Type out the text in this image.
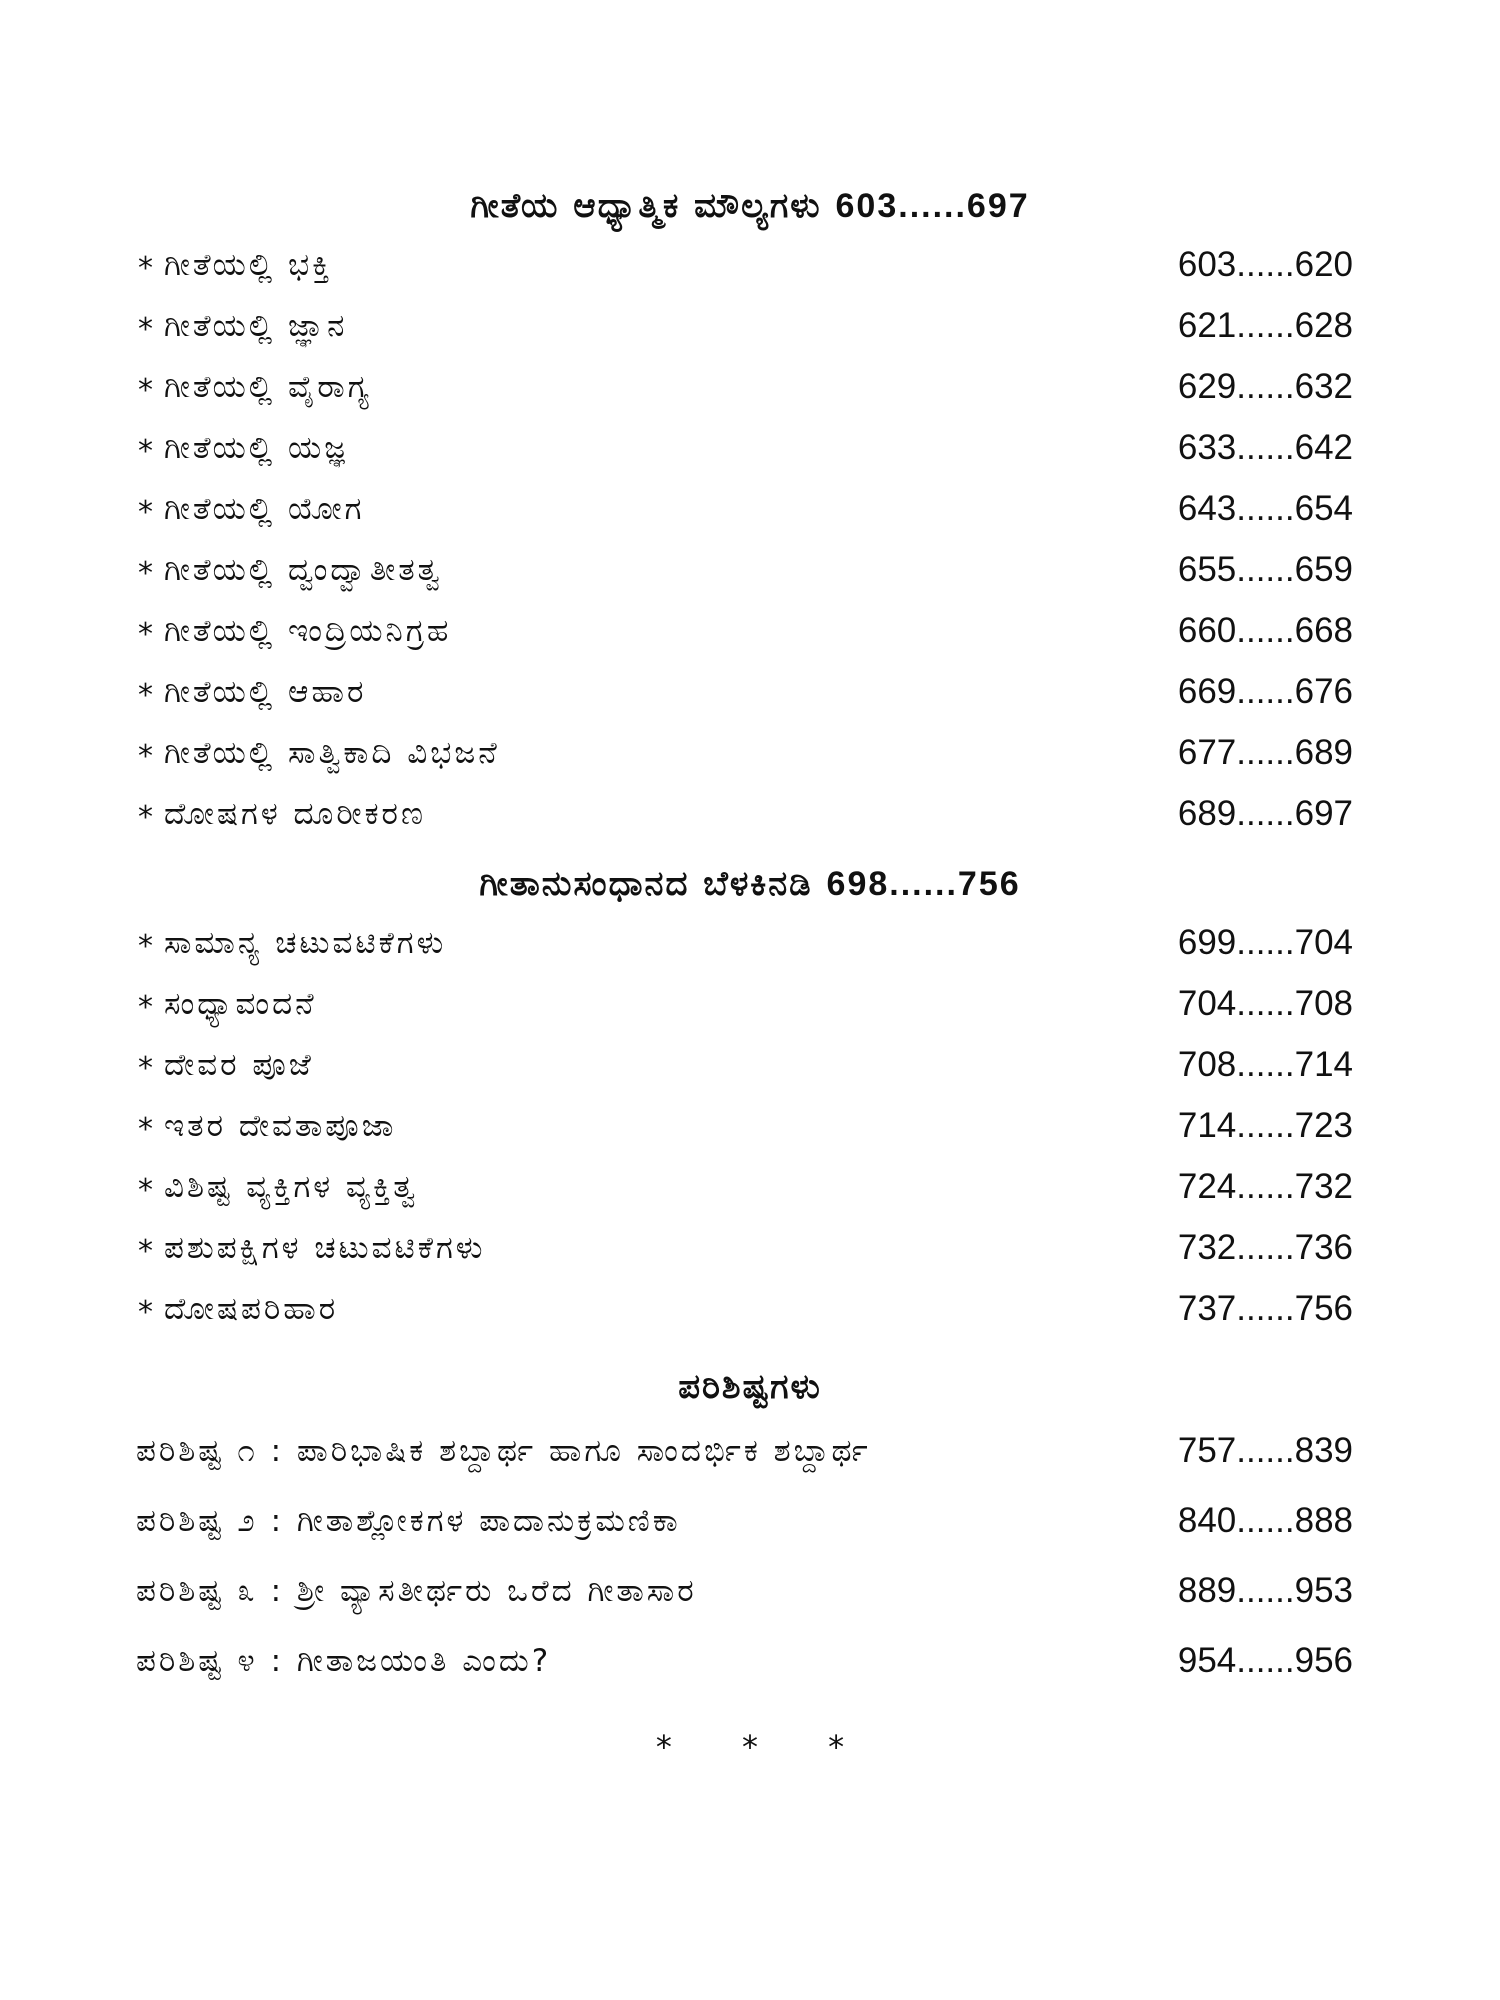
ಗೀತೆಯ ಆಧ್ಯಾತ್ಮಿಕ ಮೌಲ್ಯಗಳು 603......697
* ಗೀತೆಯಲ್ಲಿ ಭಕ್ತಿ	603......620
* ಗೀತೆಯಲ್ಲಿ ಜ್ಞಾನ	621......628
* ಗೀತೆಯಲ್ಲಿ ವೈರಾಗ್ಯ	629......632
* ಗೀತೆಯಲ್ಲಿ ಯಜ್ಞ	633......642
* ಗೀತೆಯಲ್ಲಿ ಯೋಗ	643......654
* ಗೀತೆಯಲ್ಲಿ ದ್ವಂದ್ವಾತೀತತ್ವ	655......659
* ಗೀತೆಯಲ್ಲಿ ಇಂದ್ರಿಯನಿಗ್ರಹ	660......668
* ಗೀತೆಯಲ್ಲಿ ಆಹಾರ	669......676
* ಗೀತೆಯಲ್ಲಿ ಸಾತ್ವಿಕಾದಿ ವಿಭಜನೆ	677......689
* ದೋಷಗಳ ದೂರೀಕರಣ	689......697
ಗೀತಾನುಸಂಧಾನದ ಬೆಳಕಿನಡಿ 698......756
* ಸಾಮಾನ್ಯ ಚಟುವಟಿಕೆಗಳು	699......704
* ಸಂಧ್ಯಾವಂದನೆ	704......708
* ದೇವರ ಪೂಜೆ	708......714
* ಇತರ ದೇವತಾಪೂಜಾ	714......723
* ವಿಶಿಷ್ಟ ವ್ಯಕ್ತಿಗಳ ವ್ಯಕ್ತಿತ್ವ	724......732
* ಪಶುಪಕ್ಷಿಗಳ ಚಟುವಟಿಕೆಗಳು	732......736
* ದೋಷಪರಿಹಾರ	737......756
ಪರಿಶಿಷ್ಟಗಳು
ಪರಿಶಿಷ್ಟ ೧ : ಪಾರಿಭಾಷಿಕ ಶಬ್ದಾರ್ಥ ಹಾಗೂ ಸಾಂದರ್ಭಿಕ ಶಬ್ದಾರ್ಥ	757......839
ಪರಿಶಿಷ್ಟ ೨ : ಗೀತಾಶ್ಲೋಕಗಳ ಪಾದಾನುಕ್ರಮಣಿಕಾ	840......888
ಪರಿಶಿಷ್ಟ ೩ : ಶ್ರೀ ವ್ಯಾಸತೀರ್ಥರು ಒರೆದ ಗೀತಾಸಾರ	889......953
ಪರಿಶಿಷ್ಟ ೪ : ಗೀತಾಜಯಂತಿ ಎಂದು?	954......956
* * *
